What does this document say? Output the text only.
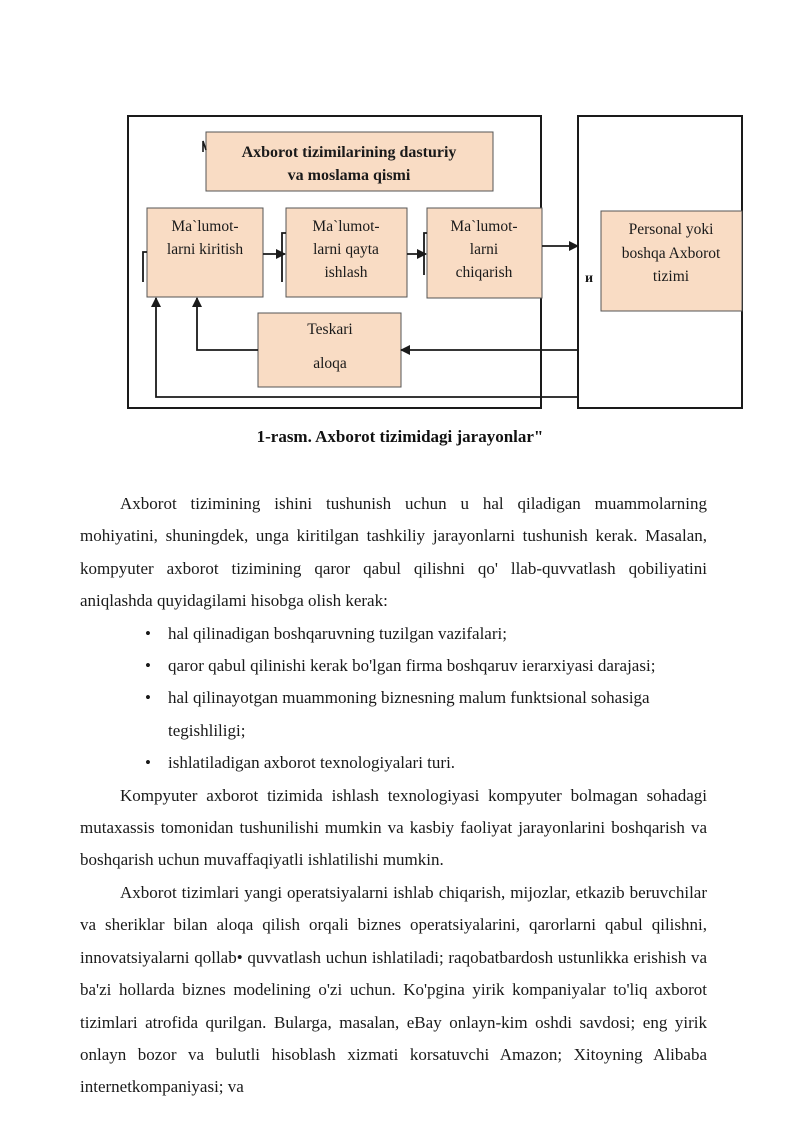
Axborot tizimilarining dasturiy
va moslama qismi
Ma`lumot-
larni kiritish
Ma`lumot-
larni qayta
ishlash
Ma`lumot-
larni
chiqarish
Personal yoki
boshqa Axborot
tizimi
Teskari
aloqa
и
1-rasm. Axborot tizimidagi jarayonlar"

Axborot tizimining ishini tushunish uchun u hal qiladigan muammolarning mohiyatini, shuningdek, unga kiritilgan tashkiliy jarayonlarni tushunish kerak. Masalan, kompyuter axborot tizimining qaror qabul qilishni qo' llab-quvvatlash qobiliyatini aniqlashda quyidagilami hisobga olish kerak:

• hal qilinadigan boshqaruvning tuzilgan vazifalari;
• qaror qabul qilinishi kerak bo'lgan firma boshqaruv ierarxiyasi darajasi;
• hal qilinayotgan muammoning biznesning malum funktsional sohasiga tegishliligi;
• ishlatiladigan axborot texnologiyalari turi.

Kompyuter axborot tizimida ishlash texnologiyasi kompyuter bolmagan sohadagi mutaxassis tomonidan tushunilishi mumkin va kasbiy faoliyat jarayonlarini boshqarish va boshqarish uchun muvaffaqiyatli ishlatilishi mumkin.

Axborot tizimlari yangi operatsiyalarni ishlab chiqarish, mijozlar, etkazib beruvchilar va sheriklar bilan aloqa qilish orqali biznes operatsiyalarini, qarorlarni qabul qilishni, innovatsiyalarni qollab• quvvatlash uchun ishlatiladi; raqobatbardosh ustunlikka erishish va ba'zi hollarda biznes modelining o'zi uchun. Ko'pgina yirik kompaniyalar to'liq axborot tizimlari atrofida qurilgan. Bularga, masalan, eBay onlayn-kim oshdi savdosi; eng yirik onlayn bozor va bulutli hisoblash xizmati korsatuvchi Amazon; Xitoyning Alibaba internetkompaniyasi; va
